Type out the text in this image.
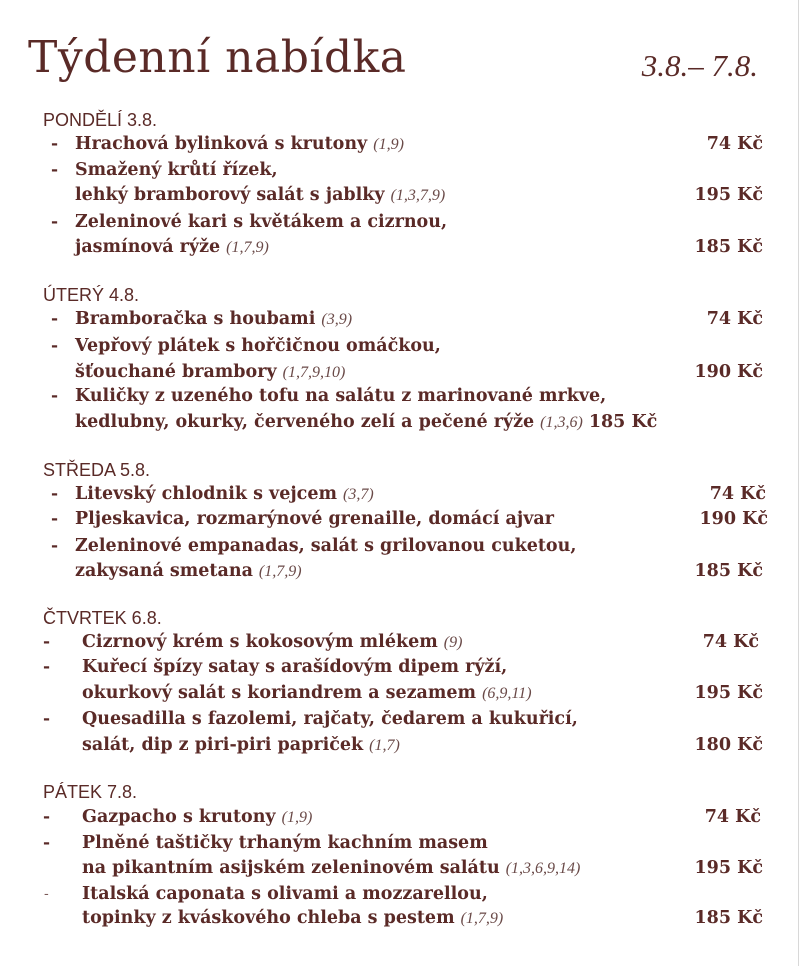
Týdenní nabídka	3.8.– 7.8.
PONDĚLÍ 3.8.
- Hrachová bylinková s krutony (1,9)	74 Kč
- Smažený krůtí řízek,
lehký bramborový salát s jablky (1,3,7,9)	195 Kč
- Zeleninové kari s květákem a cizrnou,
jasmínová rýže (1,7,9)	185 Kč
ÚTERÝ 4.8.
- Bramboračka s houbami (3,9)	74 Kč
- Vepřový plátek s hořčičnou omáčkou,
šťouchané brambory (1,7,9,10)	190 Kč
- Kuličky z uzeného tofu na salátu z marinované mrkve,
kedlubny, okurky, červeného zelí a pečené rýže (1,3,6) 185 Kč
STŘEDA 5.8.
- Litevský chlodnik s vejcem (3,7)	74 Kč
- Pljeskavica, rozmarýnové grenaille, domácí ajvar	190 Kč
- Zeleninové empanadas, salát s grilovanou cuketou,
zakysaná smetana (1,7,9)	185 Kč
ČTVRTEK 6.8.
- Cizrnový krém s kokosovým mlékem (9)	74 Kč
- Kuřecí špízy satay s arašídovým dipem rýží,
okurkový salát s koriandrem a sezamem (6,9,11)	195 Kč
- Quesadilla s fazolemi, rajčaty, čedarem a kukuřicí,
salát, dip z piri-piri papriček (1,7)	180 Kč
PÁTEK 7.8.
- Gazpacho s krutony (1,9)	74 Kč
- Plněné taštičky trhaným kachním masem
na pikantním asijském zeleninovém salátu (1,3,6,9,14)	195 Kč
- Italská caponata s olivami a mozzarellou,
topinky z kváskového chleba s pestem (1,7,9)	185 Kč
